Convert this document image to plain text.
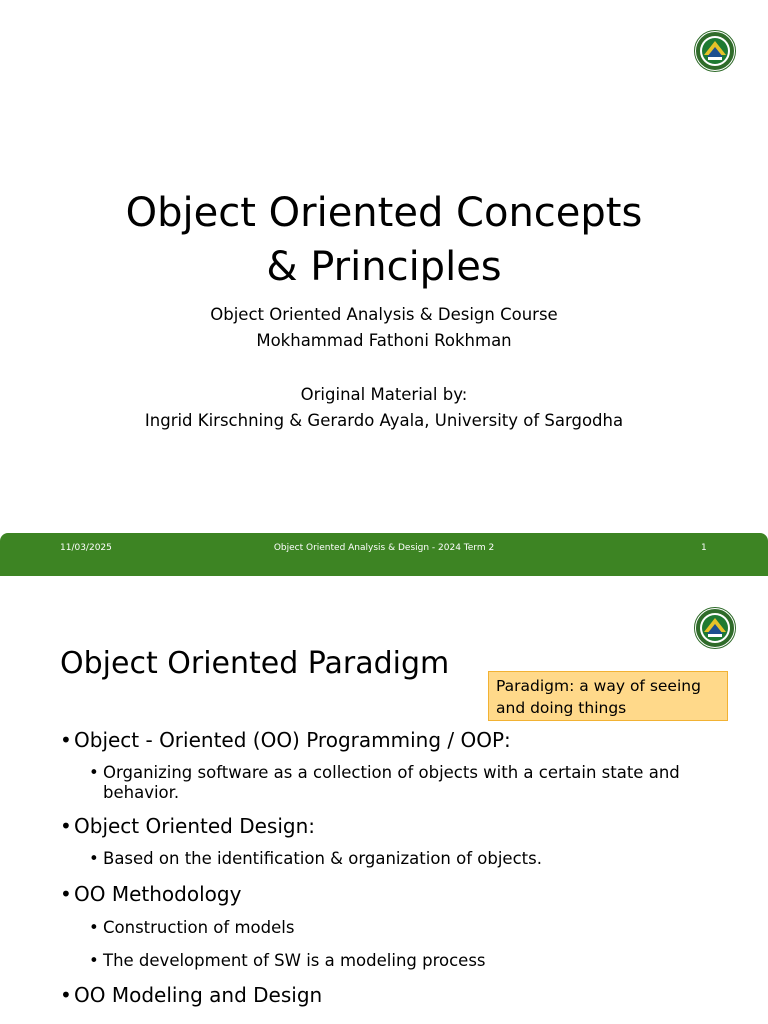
Object Oriented Concepts
& Principles
Object Oriented Analysis & Design Course
Mokhammad Fathoni Rokhman
Original Material by:
Ingrid Kirschning & Gerardo Ayala, University of Sargodha
11/03/2025	Object Oriented Analysis & Design - 2024 Term 2	1
Object Oriented Paradigm
Paradigm: a way of seeing and doing things

• Object - Oriented (OO) Programming / OOP:

• Organizing software as a collection of objects with a certain state and behavior.

• Object Oriented Design:

• Based on the identification & organization of objects.

• OO Methodology

• Construction of models

• The development of SW is a modeling process

• OO Modeling and Design
